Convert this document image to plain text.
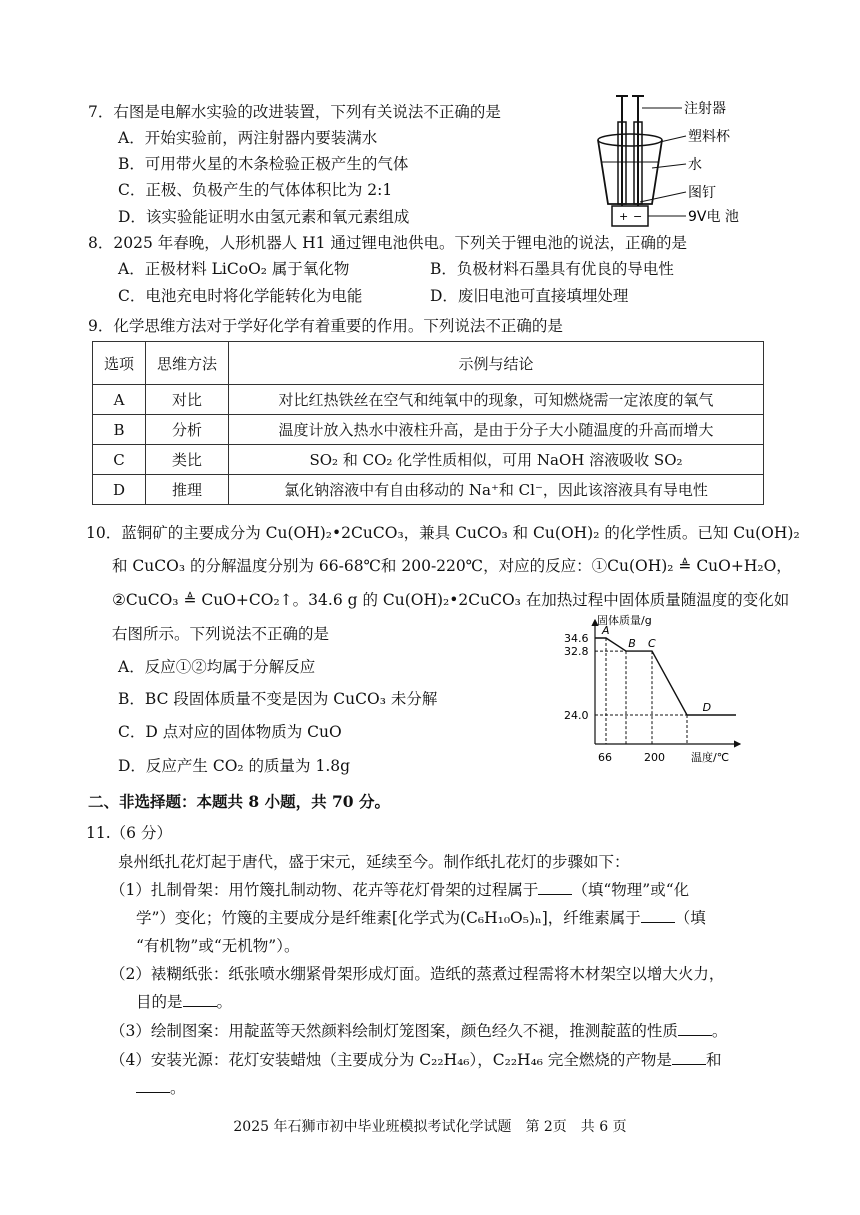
7．右图是电解水实验的改进装置，下列有关说法不正确的是
A．开始实验前，两注射器内要装满水
B．可用带火星的木条检验正极产生的气体
C．正极、负极产生的气体体积比为 2:1
D．该实验能证明水由氢元素和氧元素组成	+ −
注射器
塑料杯
水
图钉
9V电 池
8．2025 年春晚，人形机器人 H1 通过锂电池供电。下列关于锂电池的说法，正确的是
A．正极材料 LiCoO₂ 属于氧化物	B．负极材料石墨具有优良的导电性
C．电池充电时将化学能转化为电能	D．废旧电池可直接填埋处理
9．化学思维方法对于学好化学有着重要的作用。下列说法不正确的是
选项	思维方法	示例与结论
A	对比	对比红热铁丝在空气和纯氧中的现象，可知燃烧需一定浓度的氧气
B	分析	温度计放入热水中液柱升高，是由于分子大小随温度的升高而增大
C	类比	SO₂ 和 CO₂ 化学性质相似，可用 NaOH 溶液吸收 SO₂
D	推理	氯化钠溶液中有自由移动的 Na⁺和 Cl⁻，因此该溶液具有导电性
10．蓝铜矿的主要成分为 Cu(OH)₂•2CuCO₃，兼具 CuCO₃ 和 Cu(OH)₂ 的化学性质。已知 Cu(OH)₂
和 CuCO₃ 的分解温度分别为 66-68℃和 200-220℃，对应的反应：①Cu(OH)₂ ≜ CuO+H₂O，
②CuCO₃ ≜ CuO+CO₂↑。34.6 g 的 Cu(OH)₂•2CuCO₃ 在加热过程中固体质量随温度的变化如
右图所示。下列说法不正确的是
A．反应①②均属于分解反应
B．BC 段固体质量不变是因为 CuCO₃ 未分解
C．D 点对应的固体物质为 CuO
D．反应产生 CO₂ 的质量为 1.8g
固体质量/g
温度/℃
34.6
32.8
24.0
66	200
A
B C
D
二、非选择题：本题共 8 小题，共 70 分。
11.（6 分）
泉州纸扎花灯起于唐代，盛于宋元，延续至今。制作纸扎花灯的步骤如下：
（1）扎制骨架：用竹篾扎制动物、花卉等花灯骨架的过程属于 （填“物理”或“化
学”）变化；竹篾的主要成分是纤维素[化学式为(C₆H₁₀O₅)ₙ]，纤维素属于 （填
“有机物”或“无机物”）。
（2）裱糊纸张：纸张喷水绷紧骨架形成灯面。造纸的蒸煮过程需将木材架空以增大火力，
目的是 。
（3）绘制图案：用靛蓝等天然颜料绘制灯笼图案，颜色经久不褪，推测靛蓝的性质 。
（4）安装光源：花灯安装蜡烛（主要成分为 C₂₂H₄₆），C₂₂H₄₆ 完全燃烧的产物是 和
。
2025 年石狮市初中毕业班模拟考试化学试题　第 2页　共 6 页
